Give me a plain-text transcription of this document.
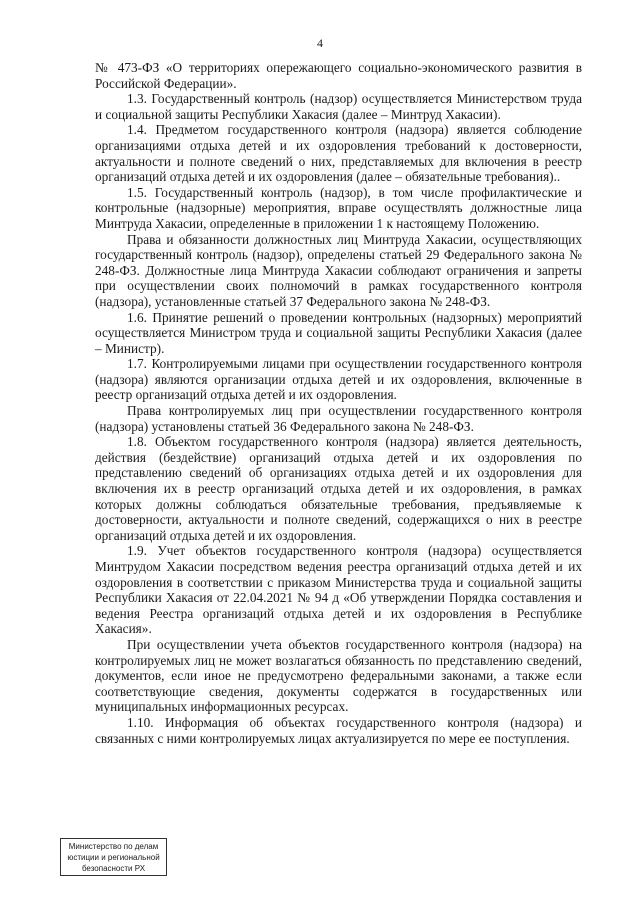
4

№ 473-ФЗ «О территориях опережающего социально-экономического развития в Российской Федерации».

1.3. Государственный контроль (надзор) осуществляется Министерством труда и социальной защиты Республики Хакасия (далее – Минтруд Хакасии).

1.4. Предметом государственного контроля (надзора) является соблюдение организациями отдыха детей и их оздоровления требований к достоверности, актуальности и полноте сведений о них, представляемых для включения в реестр организаций отдыха детей и их оздоровления (далее – обязательные требования)..

1.5. Государственный контроль (надзор), в том числе профилактические и контрольные (надзорные) мероприятия, вправе осуществлять должностные лица Минтруда Хакасии, определенные в приложении 1 к настоящему Положению.

Права и обязанности должностных лиц Минтруда Хакасии, осуществляющих государственный контроль (надзор), определены статьей 29 Федерального закона № 248-ФЗ. Должностные лица Минтруда Хакасии соблюдают ограничения и запреты при осуществлении своих полномочий в рамках государственного контроля (надзора), установленные статьей 37 Федерального закона № 248-ФЗ.

1.6. Принятие решений о проведении контрольных (надзорных) мероприятий осуществляется Министром труда и социальной защиты Республики Хакасия (далее – Министр).

1.7. Контролируемыми лицами при осуществлении государственного контроля (надзора) являются организации отдыха детей и их оздоровления, включенные в реестр организаций отдыха детей и их оздоровления.

Права контролируемых лиц при осуществлении государственного контроля (надзора) установлены статьей 36 Федерального закона № 248-ФЗ.

1.8. Объектом государственного контроля (надзора) является деятельность, действия (бездействие) организаций отдыха детей и их оздоровления по представлению сведений об организациях отдыха детей и их оздоровления для включения их в реестр организаций отдыха детей и их оздоровления, в рамках которых должны соблюдаться обязательные требования, предъявляемые к достоверности, актуальности и полноте сведений, содержащихся о них в реестре организаций отдыха детей и их оздоровления.

1.9. Учет объектов государственного контроля (надзора) осуществляется Минтрудом Хакасии посредством ведения реестра организаций отдыха детей и их оздоровления в соответствии с приказом Министерства труда и социальной защиты Республики Хакасия от 22.04.2021 № 94 д «Об утверждении Порядка составления и ведения Реестра организаций отдыха детей и их оздоровления в Республике Хакасия».

При осуществлении учета объектов государственного контроля (надзора) на контролируемых лиц не может возлагаться обязанность по представлению сведений, документов, если иное не предусмотрено федеральными законами, а также если соответствующие сведения, документы содержатся в государственных или муниципальных информационных ресурсах.

1.10. Информация об объектах государственного контроля (надзора) и связанных с ними контролируемых лицах актуализируется по мере ее поступления.

Министерство по делам
юстиции и региональной
безопасности РХ
